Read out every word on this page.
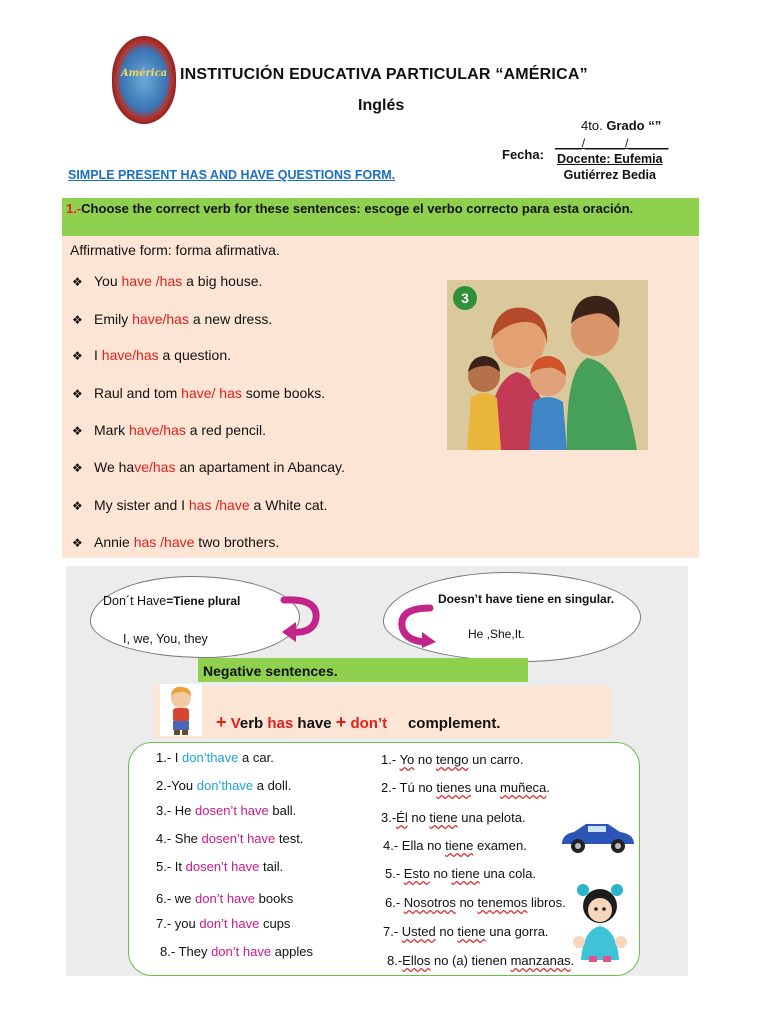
América INSTITUCIÓN EDUCATIVA PARTICULAR “AMÉRICA”
Inglés
4to. Grado “”
____/______/______
Fecha: Docente: Eufemia
Gutiérrez Bedia
SIMPLE PRESENT HAS AND HAVE QUESTIONS FORM.
1.-Choose the correct verb for these sentences: escoge el verbo correcto para esta oración.
Affirmative form: forma afirmativa.
❖ You have /has a big house.
❖ Emily have/has a new dress.
❖ I have/has a question.
❖ Raul and tom have/ has some books.
❖ Mark have/has a red pencil.
❖ We have/has an apartament in Abancay.
❖ My sister and I has /have a White cat.
❖ Annie has /have two brothers.
3
Don´t Have=Tiene plural
I, we, You, they
Doesn’t have tiene en singular.
He ,She,It.
Negative sentences.
+ Verb has have + don’t complement.
1.- I don’thave a car.
2.-You don’thave a doll.
3.- He dosen’t have ball.
4.- She dosen’t have test.
5.- It dosen’t have tail.
6.- we don’t have books
7.- you don’t have cups
8.- They don’t have apples
1.- Yo no tengo un carro.
2.- Tú no tienes una muñeca.
3.-Él no tiene una pelota.
4.- Ella no tiene examen.
5.- Esto no tiene una cola.
6.- Nosotros no tenemos libros.
7.- Usted no tiene una gorra.
8.-Ellos no (a) tienen manzanas.
